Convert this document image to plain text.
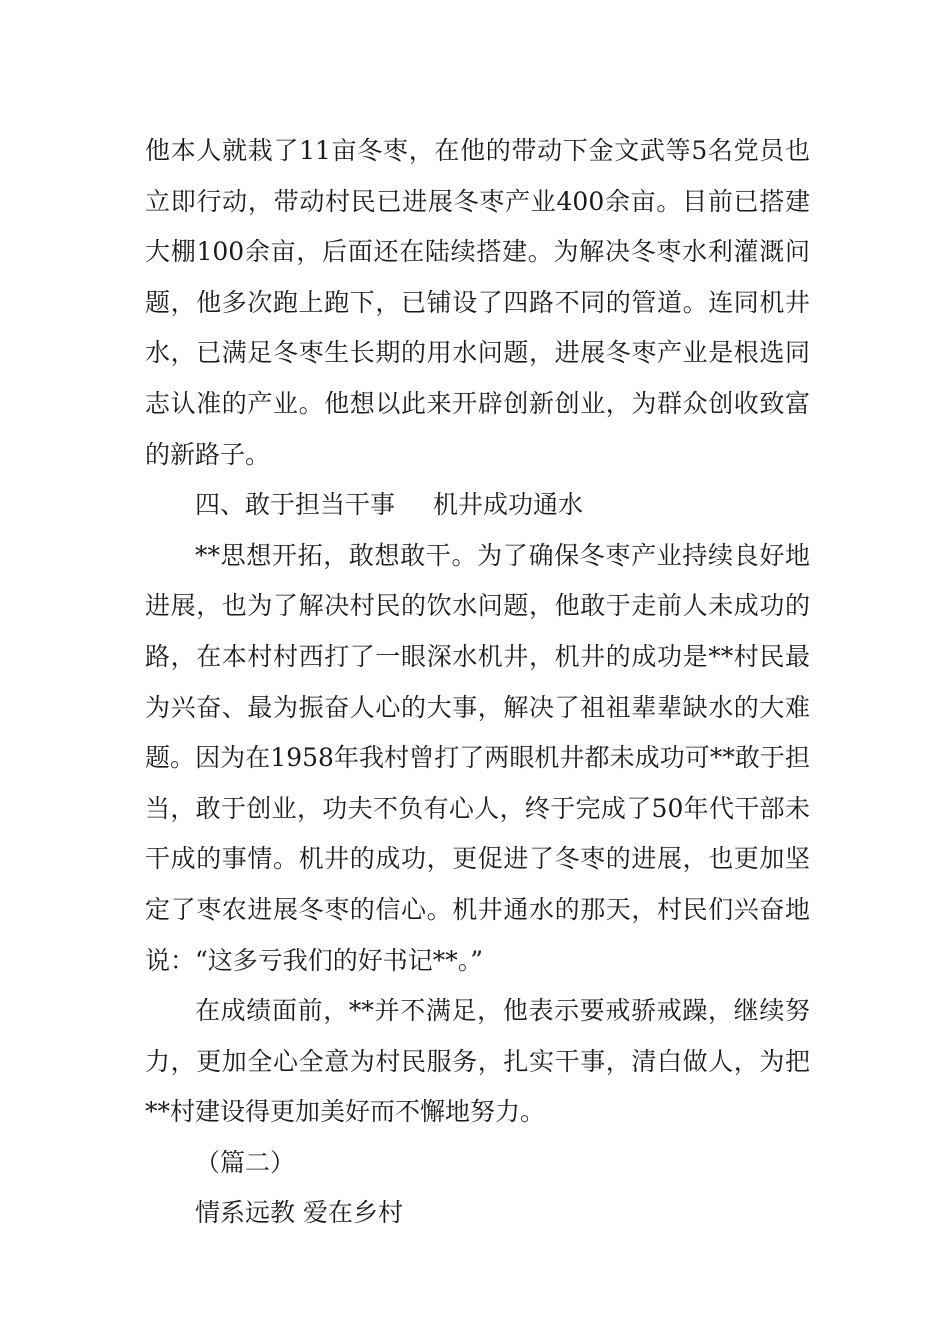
他本人就栽了11亩冬枣，在他的带动下金文武等5名党员也立即行动，带动村民已进展冬枣产业400余亩。目前已搭建大棚100余亩，后面还在陆续搭建。为解决冬枣水利灌溉问题，他多次跑上跑下，已铺设了四路不同的管道。连同机井水，已满足冬枣生长期的用水问题，进展冬枣产业是根选同志认准的产业。他想以此来开辟创新创业，为群众创收致富的新路子。

四、敢于担当干事 机井成功通水

**思想开拓，敢想敢干。为了确保冬枣产业持续良好地进展，也为了解决村民的饮水问题，他敢于走前人未成功的路，在本村村西打了一眼深水机井，机井的成功是**村民最为兴奋、最为振奋人心的大事，解决了祖祖辈辈缺水的大难题。因为在1958年我村曾打了两眼机井都未成功可**敢于担当，敢于创业，功夫不负有心人，终于完成了50年代干部未干成的事情。机井的成功，更促进了冬枣的进展，也更加坚定了枣农进展冬枣的信心。机井通水的那天，村民们兴奋地说：“这多亏我们的好书记**。”

在成绩面前，**并不满足，他表示要戒骄戒躁，继续努力，更加全心全意为村民服务，扎实干事，清白做人，为把**村建设得更加美好而不懈地努力。

（篇二）

情系远教 爱在乡村
